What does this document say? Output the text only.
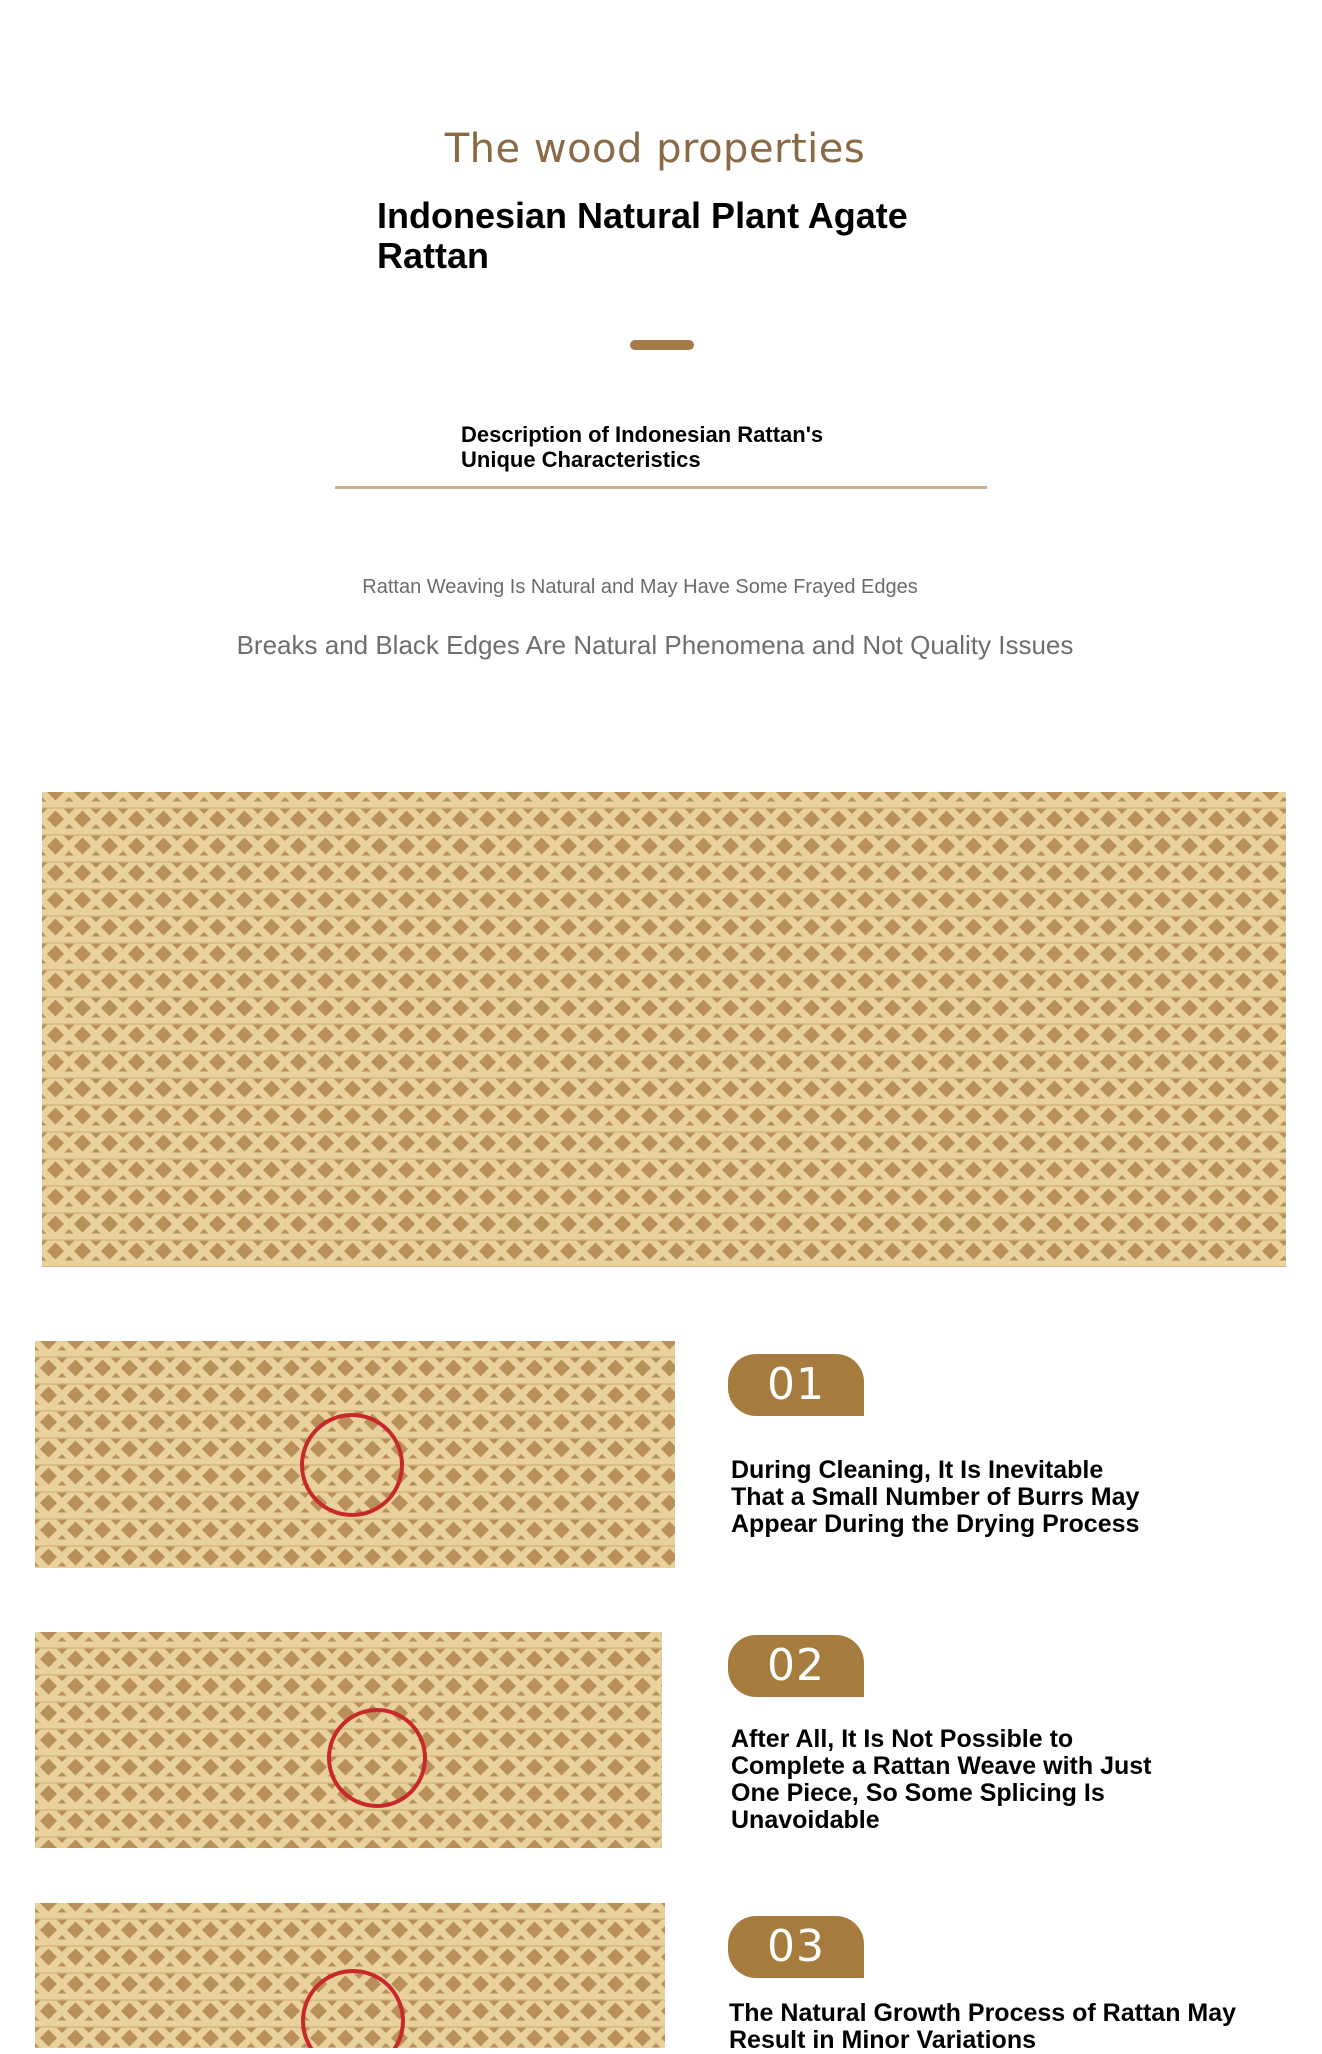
The wood properties
Indonesian Natural Plant Agate Rattan
Description of Indonesian Rattan's Unique Characteristics
Rattan Weaving Is Natural and May Have Some Frayed Edges
Breaks and Black Edges Are Natural Phenomena and Not Quality Issues
01
During Cleaning, It Is Inevitable That a Small Number of Burrs May Appear During the Drying Process
02
After All, It Is Not Possible to Complete a Rattan Weave with Just One Piece, So Some Splicing Is Unavoidable
03
The Natural Growth Process of Rattan May Result in Minor Variations
